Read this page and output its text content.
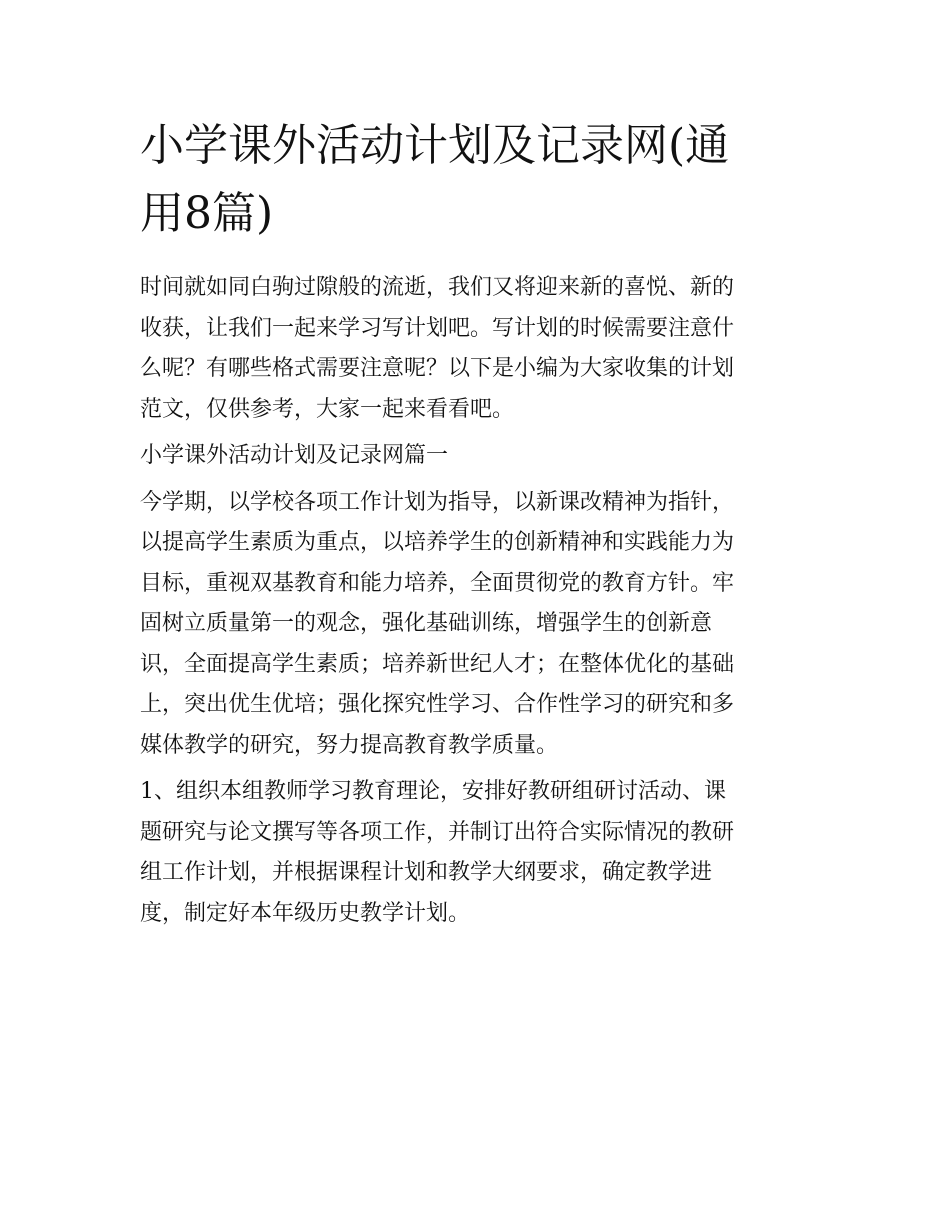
小学课外活动计划及记录网(通
用8篇)

时间就如同白驹过隙般的流逝，我们又将迎来新的喜悦、新的
收获，让我们一起来学习写计划吧。写计划的时候需要注意什
么呢？有哪些格式需要注意呢？以下是小编为大家收集的计划
范文，仅供参考，大家一起来看看吧。

小学课外活动计划及记录网篇一

今学期，以学校各项工作计划为指导，以新课改精神为指针，
以提高学生素质为重点，以培养学生的创新精神和实践能力为
目标，重视双基教育和能力培养，全面贯彻党的教育方针。牢
固树立质量第一的观念，强化基础训练，增强学生的创新意
识，全面提高学生素质；培养新世纪人才；在整体优化的基础
上，突出优生优培；强化探究性学习、合作性学习的研究和多
媒体教学的研究，努力提高教育教学质量。

1、组织本组教师学习教育理论，安排好教研组研讨活动、课
题研究与论文撰写等各项工作，并制订出符合实际情况的教研
组工作计划，并根据课程计划和教学大纲要求，确定教学进
度，制定好本年级历史教学计划。
